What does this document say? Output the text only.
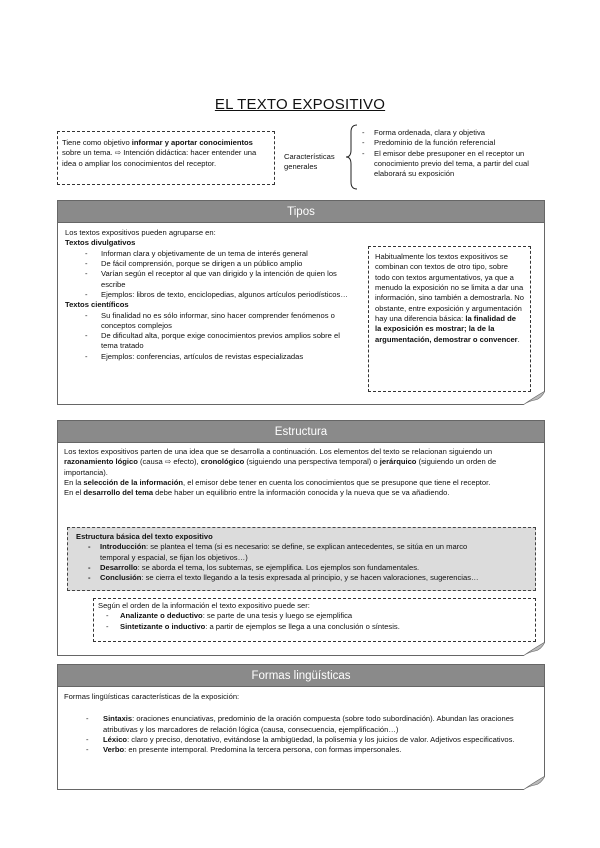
EL TEXTO EXPOSITIVO
Tiene como objetivo informar y aportar conocimientos sobre un tema. ⇨ Intención didáctica: hacer entender una idea o ampliar los conocimientos del receptor.
Características
generales
- Forma ordenada, clara y objetiva
- Predominio de la función referencial
- El emisor debe presuponer en el receptor un conocimiento previo del tema, a partir del cual elaborará su exposición
Tipos
Los textos expositivos pueden agruparse en:
Textos divulgativos
- Informan clara y objetivamente de un tema de interés general
- De fácil comprensión, porque se dirigen a un público amplio
- Varían según el receptor al que van dirigido y la intención de quien los escribe
- Ejemplos: libros de texto, enciclopedias, algunos artículos periodísticos…
Textos científicos
- Su finalidad no es sólo informar, sino hacer comprender fenómenos o conceptos complejos
- De dificultad alta, porque exige conocimientos previos amplios sobre el tema tratado
- Ejemplos: conferencias, artículos de revistas especializadas
Habitualmente los textos expositivos se combinan con textos de otro tipo, sobre todo con textos argumentativos, ya que a menudo la exposición no se limita a dar una información, sino también a demostrarla. No obstante, entre exposición y argumentación hay una diferencia básica: la finalidad de la exposición es mostrar; la de la argumentación, demostrar o convencer.
Estructura
Los textos expositivos parten de una idea que se desarrolla a continuación. Los elementos del texto se relacionan siguiendo un razonamiento lógico (causa ⇨ efecto), cronológico (siguiendo una perspectiva temporal) o jerárquico (siguiendo un orden de importancia).
En la selección de la información, el emisor debe tener en cuenta los conocimientos que se presupone que tiene el receptor.
En el desarrollo del tema debe haber un equilibrio entre la información conocida y la nueva que se va añadiendo.
Estructura básica del texto expositivo
- Introducción: se plantea el tema (si es necesario: se define, se explican antecedentes, se sitúa en un marco
temporal y espacial, se fijan los objetivos…)
- Desarrollo: se aborda el tema, los subtemas, se ejemplifica. Los ejemplos son fundamentales.
- Conclusión: se cierra el texto llegando a la tesis expresada al principio, y se hacen valoraciones, sugerencias…
Según el orden de la información el texto expositivo puede ser:
- Analizante o deductivo: se parte de una tesis y luego se ejemplifica
- Sintetizante o inductivo: a partir de ejemplos se llega a una conclusión o síntesis.
Formas lingüísticas
Formas lingüísticas características de la exposición:
- Sintaxis: oraciones enunciativas, predominio de la oración compuesta (sobre todo subordinación). Abundan las oraciones atributivas y los marcadores de relación lógica (causa, consecuencia, ejemplificación…)
- Léxico: claro y preciso, denotativo, evitándose la ambigüedad, la polisemia y los juicios de valor. Adjetivos especificativos.
- Verbo: en presente intemporal. Predomina la tercera persona, con formas impersonales.
